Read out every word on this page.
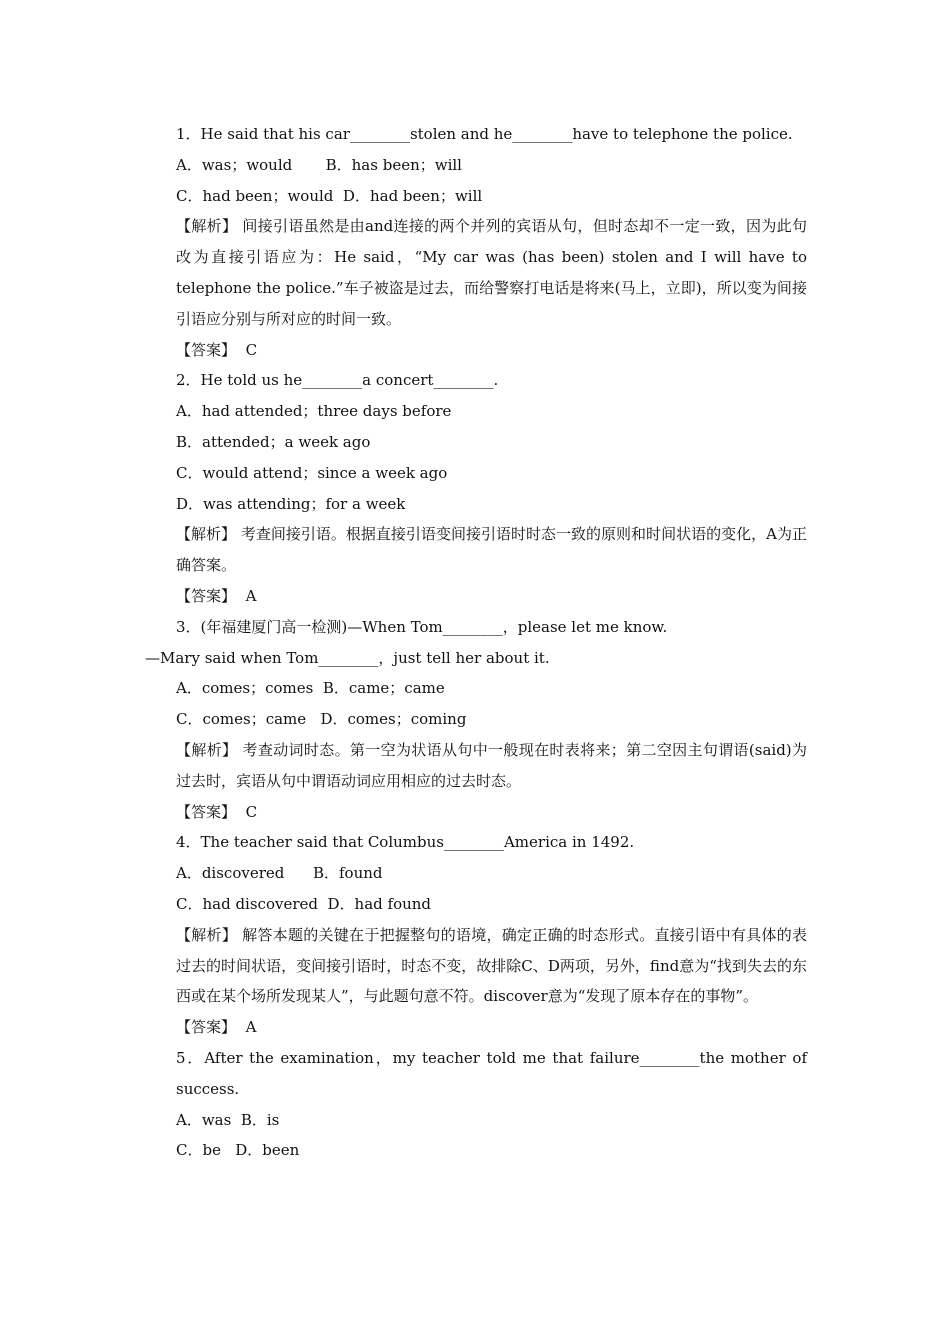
1．He said that his car________stolen and he________have to telephone the police.

A．was；would       B．has been；will

C．had been；would  D．had been；will

【解析】 间接引语虽然是由and连接的两个并列的宾语从句，但时态却不一定一致，因为此句改为直接引语应为：He said，“My car was (has been) stolen and I will have to telephone the police.”车子被盗是过去，而给警察打电话是将来(马上，立即)，所以变为间接引语应分别与所对应的时间一致。

【答案】 C

2．He told us he________a concert________.

A．had attended；three days before

B．attended；a week ago

C．would attend；since a week ago

D．was attending；for a week

【解析】 考查间接引语。根据直接引语变间接引语时时态一致的原则和时间状语的变化，A为正确答案。

【答案】 A

3．(年福建厦门高一检测)—When Tom________，please let me know.

—Mary said when Tom________，just tell her about it.

A．comes；comes  B．came；came

C．comes；came   D．comes；coming

【解析】 考查动词时态。第一空为状语从句中一般现在时表将来；第二空因主句谓语(said)为过去时，宾语从句中谓语动词应用相应的过去时态。

【答案】 C

4．The teacher said that Columbus________America in 1492.

A．discovered      B．found

C．had discovered  D．had found

【解析】 解答本题的关键在于把握整句的语境，确定正确的时态形式。直接引语中有具体的表过去的时间状语，变间接引语时，时态不变，故排除C、D两项，另外，find意为“找到失去的东西或在某个场所发现某人”，与此题句意不符。discover意为“发现了原本存在的事物”。

【答案】 A

5．After the examination，my teacher told me that failure________the mother of success.

A．was  B．is

C．be   D．been
